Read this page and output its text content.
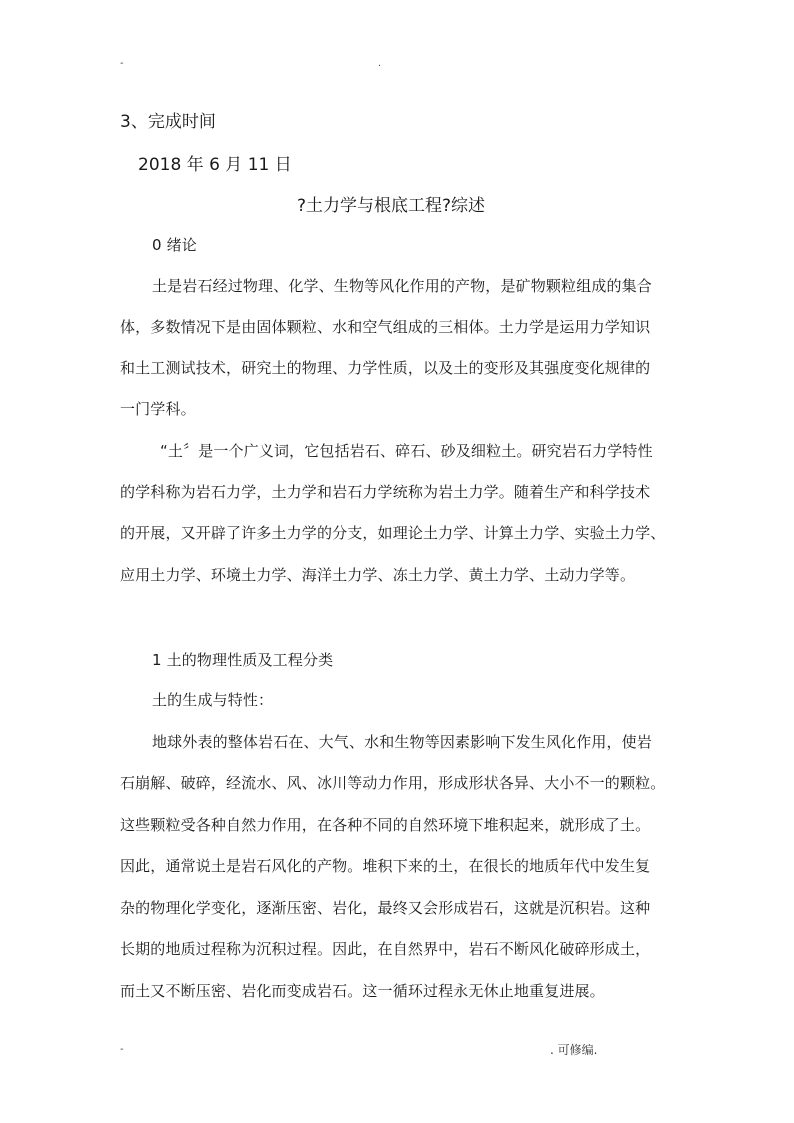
-	.
3、完成时间
2018 年 6 月 11 日
?土力学与根底工程?综述
0 绪论
土是岩石经过物理、化学、生物等风化作用的产物，是矿物颗粒组成的集合
体，多数情况下是由固体颗粒、水和空气组成的三相体。土力学是运用力学知识
和土工测试技术，研究土的物理、力学性质，以及土的变形及其强度变化规律的
一门学科。
“土〞是一个广义词，它包括岩石、碎石、砂及细粒土。研究岩石力学特性
的学科称为岩石力学，土力学和岩石力学统称为岩土力学。随着生产和科学技术
的开展，又开辟了许多土力学的分支，如理论土力学、计算土力学、实验土力学、
应用土力学、环境土力学、海洋土力学、冻土力学、黄土力学、土动力学等。
1 土的物理性质及工程分类
土的生成与特性：
地球外表的整体岩石在、大气、水和生物等因素影响下发生风化作用，使岩
石崩解、破碎，经流水、风、冰川等动力作用，形成形状各异、大小不一的颗粒。
这些颗粒受各种自然力作用，在各种不同的自然环境下堆积起来，就形成了土。
因此，通常说土是岩石风化的产物。堆积下来的土，在很长的地质年代中发生复
杂的物理化学变化，逐渐压密、岩化，最终又会形成岩石，这就是沉积岩。这种
长期的地质过程称为沉积过程。因此，在自然界中，岩石不断风化破碎形成土，
而土又不断压密、岩化而变成岩石。这一循环过程永无休止地重复进展。
-	. 可修编.
